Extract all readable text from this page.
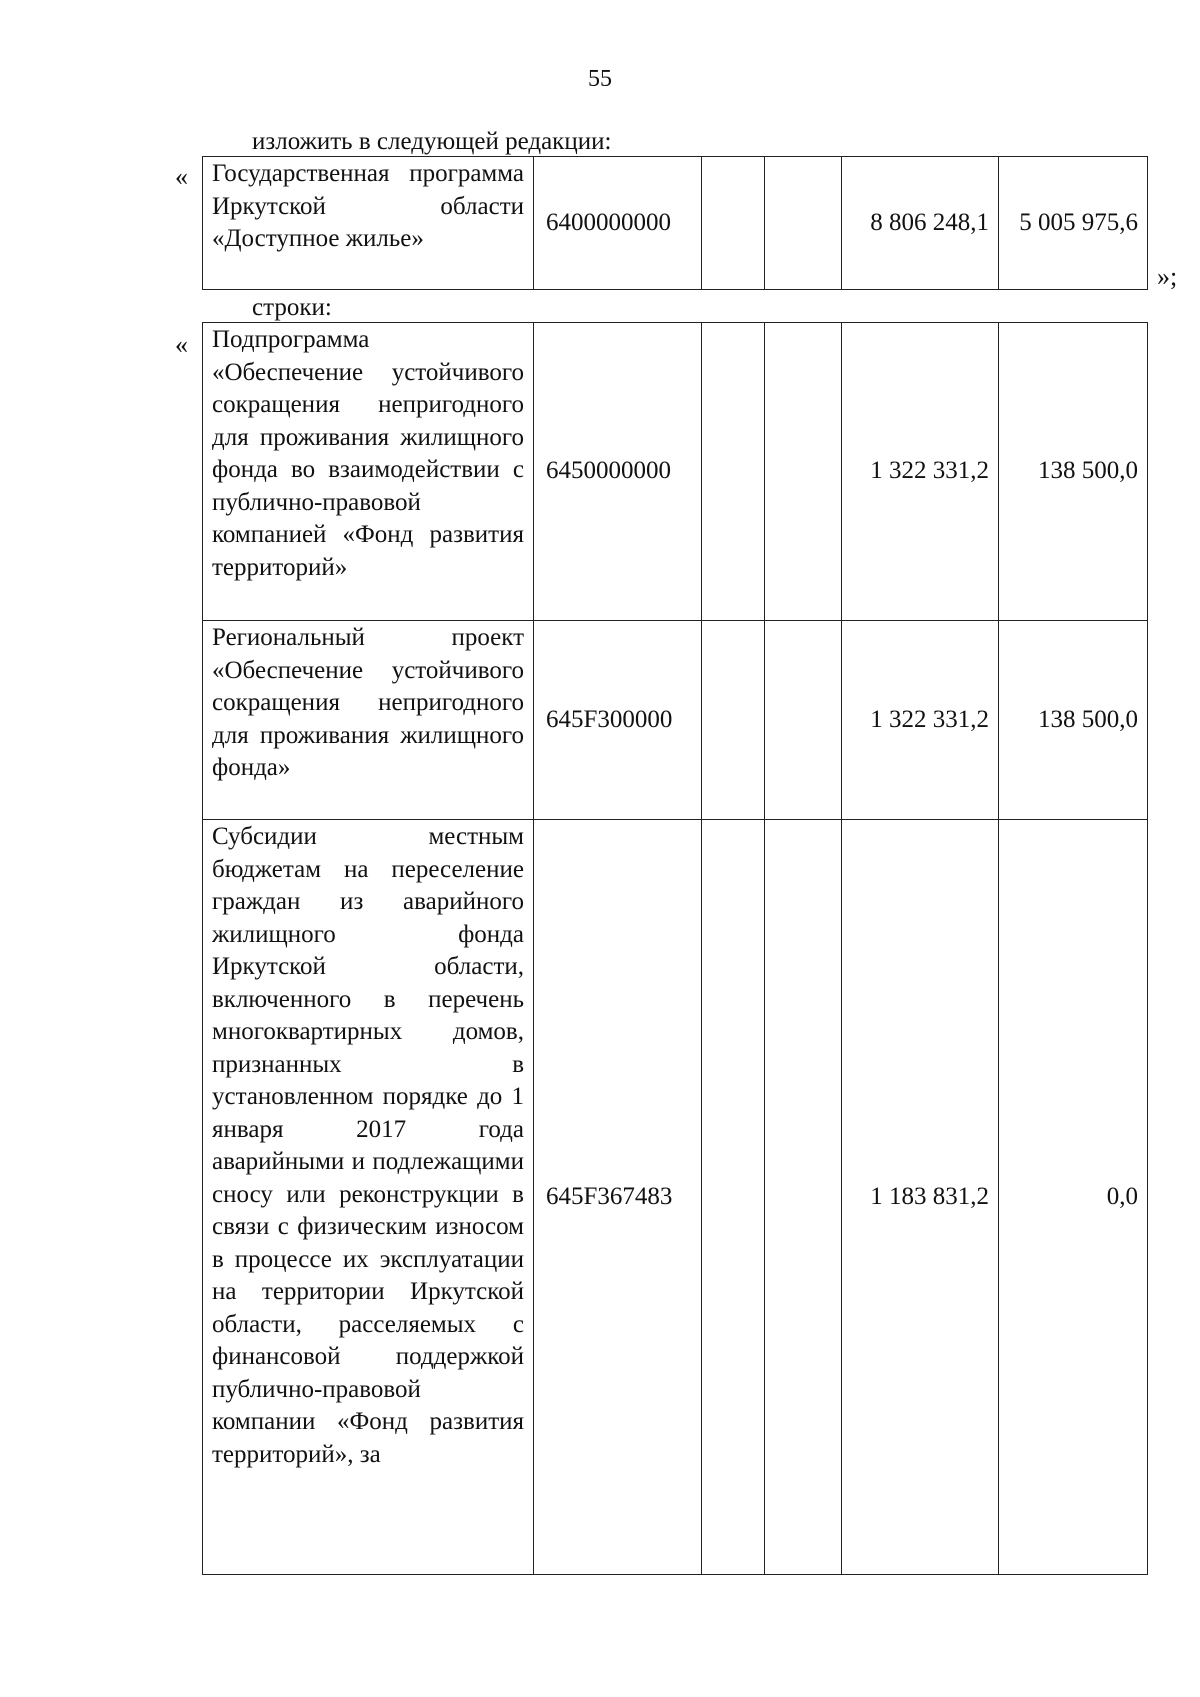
55
изложить в следующей редакции:
« Государственная программа Иркутской области «Доступное жилье»	6400000000			8 806 248,1	5 005 975,6
»;
строки:
« Подпрограмма «Обеспечение устойчивого сокращения непригодного для проживания жилищного фонда во взаимодействии с публично-правовой компанией «Фонд развития территорий»	6450000000			1 322 331,2	138 500,0
Региональный проект «Обеспечение устойчивого сокращения непригодного для проживания жилищного фонда»	645F300000			1 322 331,2	138 500,0
Субсидии местным бюджетам на переселение граждан из аварийного жилищного фонда Иркутской области, включенного в перечень многоквартирных домов, признанных в установленном порядке до 1 января 2017 года аварийными и подлежащими сносу или реконструкции в связи с физическим износом в процессе их эксплуатации на территории Иркутской области, расселяемых с финансовой поддержкой публично-правовой компании «Фонд развития территорий», за	645F367483			1 183 831,2	0,0
